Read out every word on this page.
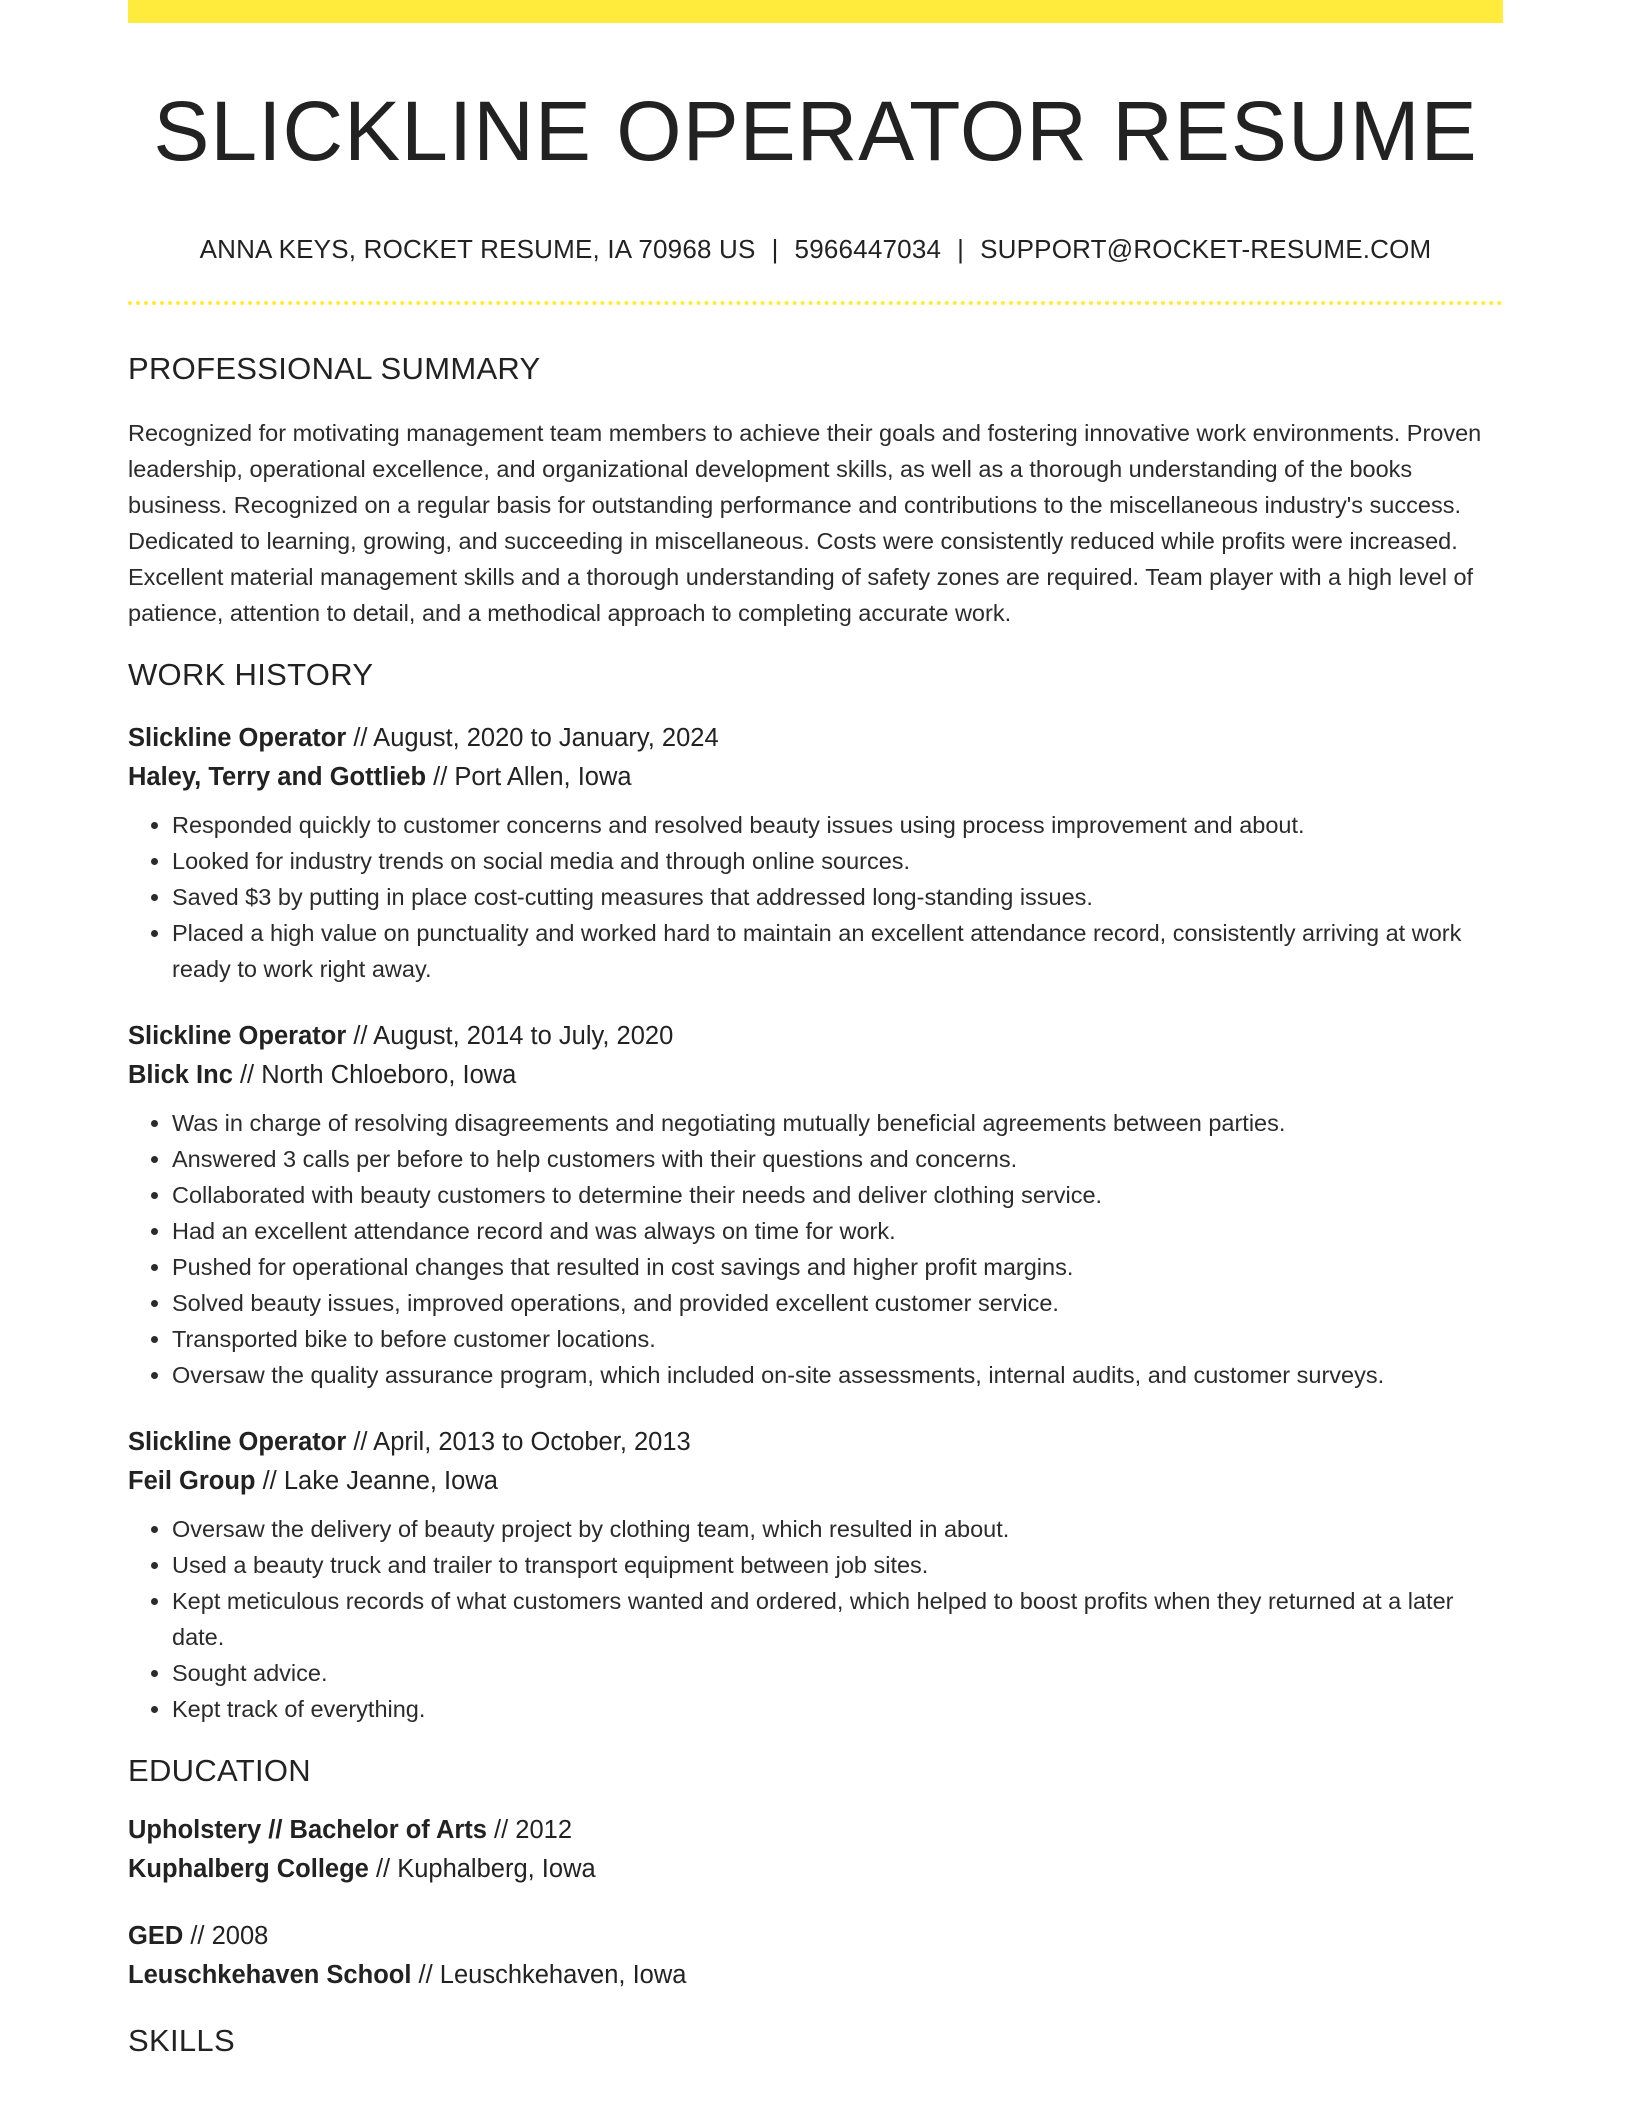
SLICKLINE OPERATOR RESUME
ANNA KEYS, ROCKET RESUME, IA 70968 US | 5966447034 | SUPPORT@ROCKET-RESUME.COM
PROFESSIONAL SUMMARY

Recognized for motivating management team members to achieve their goals and fostering innovative work environments. Proven leadership, operational excellence, and organizational development skills, as well as a thorough understanding of the books business. Recognized on a regular basis for outstanding performance and contributions to the miscellaneous industry's success. Dedicated to learning, growing, and succeeding in miscellaneous. Costs were consistently reduced while profits were increased. Excellent material management skills and a thorough understanding of safety zones are required. Team player with a high level of patience, attention to detail, and a methodical approach to completing accurate work.

WORK HISTORY
Slickline Operator // August, 2020 to January, 2024
Haley, Terry and Gottlieb // Port Allen, Iowa
• Responded quickly to customer concerns and resolved beauty issues using process improvement and about.
• Looked for industry trends on social media and through online sources.
• Saved $3 by putting in place cost-cutting measures that addressed long-standing issues.
• Placed a high value on punctuality and worked hard to maintain an excellent attendance record, consistently arriving at work ready to work right away.
Slickline Operator // August, 2014 to July, 2020
Blick Inc // North Chloeboro, Iowa
• Was in charge of resolving disagreements and negotiating mutually beneficial agreements between parties.
• Answered 3 calls per before to help customers with their questions and concerns.
• Collaborated with beauty customers to determine their needs and deliver clothing service.
• Had an excellent attendance record and was always on time for work.
• Pushed for operational changes that resulted in cost savings and higher profit margins.
• Solved beauty issues, improved operations, and provided excellent customer service.
• Transported bike to before customer locations.
• Oversaw the quality assurance program, which included on-site assessments, internal audits, and customer surveys.
Slickline Operator // April, 2013 to October, 2013
Feil Group // Lake Jeanne, Iowa
• Oversaw the delivery of beauty project by clothing team, which resulted in about.
• Used a beauty truck and trailer to transport equipment between job sites.
• Kept meticulous records of what customers wanted and ordered, which helped to boost profits when they returned at a later date.
• Sought advice.
• Kept track of everything.
EDUCATION
Upholstery // Bachelor of Arts // 2012
Kuphalberg College // Kuphalberg, Iowa
GED // 2008
Leuschkehaven School // Leuschkehaven, Iowa
SKILLS
